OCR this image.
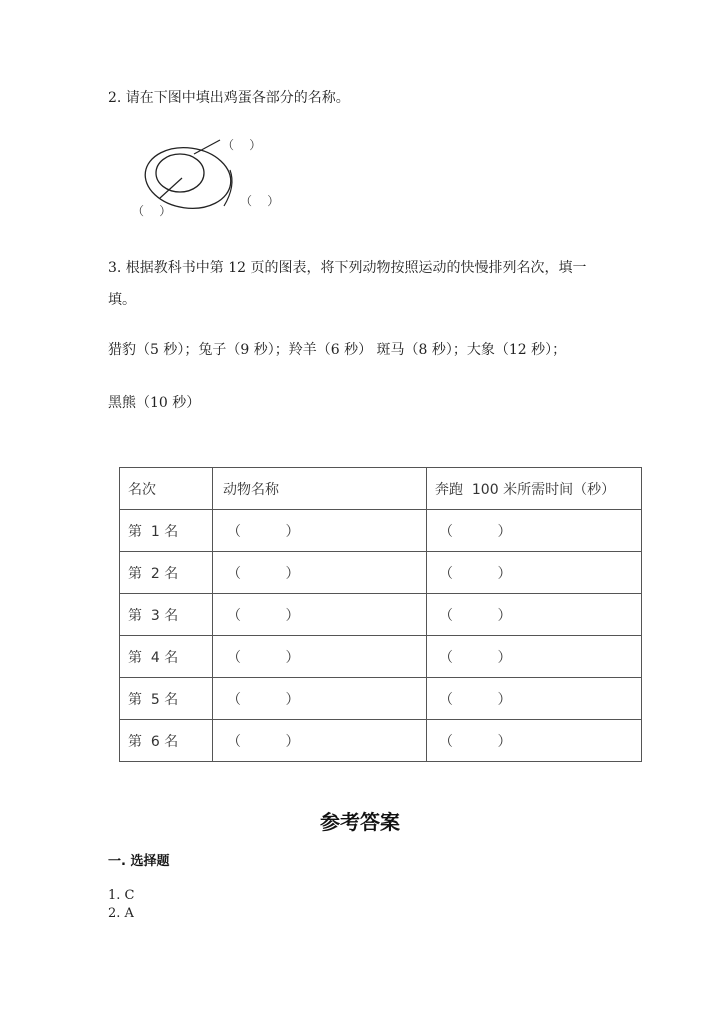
2. 请在下图中填出鸡蛋各部分的名称。
（    ）
（    ）
（    ）
3. 根据教科书中第 12 页的图表，将下列动物按照运动的快慢排列名次，填一
填。
猎豹（5 秒）；兔子（9 秒）；羚羊（6 秒） 斑马（8 秒）；大象（12 秒）；
黑熊（10 秒）
名次	动物名称	奔跑  100 米所需时间（秒）
第  1 名	（          ）	（          ）
第  2 名	（          ）	（          ）
第  3 名	（          ）	（          ）
第  4 名	（          ）	（          ）
第  5 名	（          ）	（          ）
第  6 名	（          ）	（          ）
参考答案
一. 选择题
1. C
2. A
